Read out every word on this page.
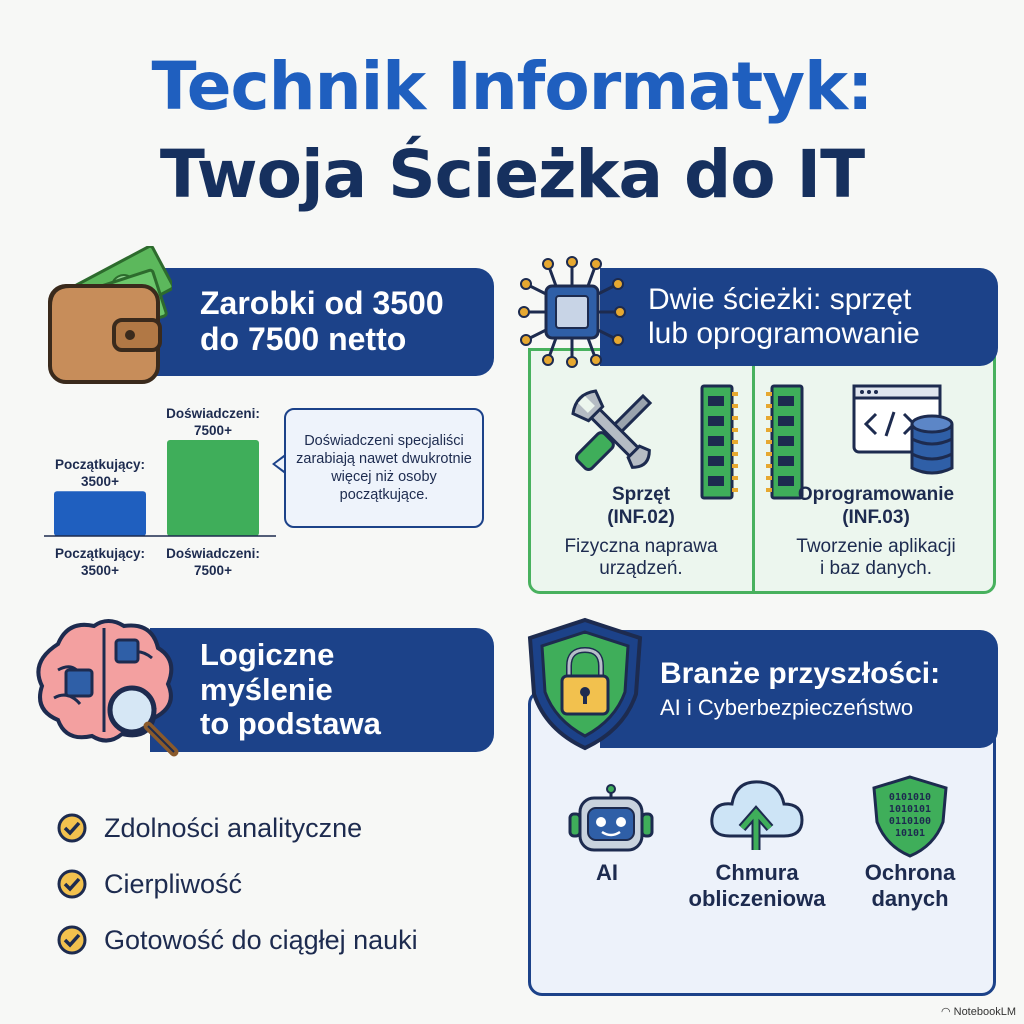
Technik Informatyk:
Twoja Ścieżka do IT
Zarobki od 3500
do 7500 netto
Początkujący:
3500+
Początkujący:
3500+
Doświadczeni:
7500+
Doświadczeni:
7500+
Doświadczeni specjaliści zarabiają nawet dwukrotnie więcej niż osoby początkujące.
Dwie ścieżki: sprzęt
lub oprogramowanie
Sprzęt
(INF.02)
Fizyczna naprawa
urządzeń.
Oprogramowanie
(INF.03)
Tworzenie aplikacji
i baz danych.
Logiczne
myślenie
to podstawa
Zdolności analityczne
Cierpliwość
Gotowość do ciągłej nauki
Branże przyszłości:
AI i Cyberbezpieczeństwo
0101010
1010101
0110100
10101
AI	Chmura
obliczeniowa
Ochrona
danych
◠ NotebookLM
